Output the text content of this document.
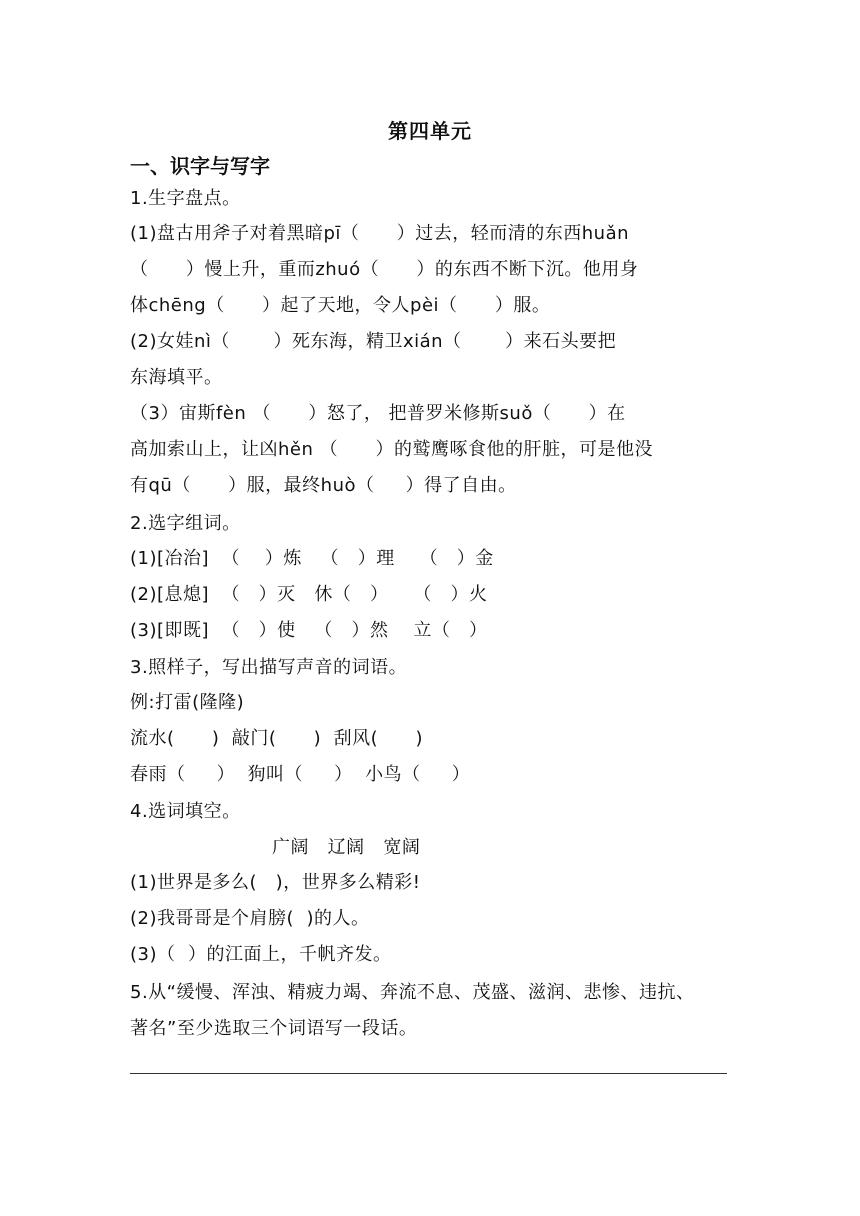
第四单元
一、识字与写字
1.生字盘点。
(1)盘古用斧子对着黑暗pī（      ）过去，轻而清的东西huǎn
（      ）慢上升，重而zhuó（      ）的东西不断下沉。他用身
体chēng（      ）起了天地，令人pèi（      ）服。
(2)女娃nì（       ）死东海，精卫xián（       ）来石头要把
东海填平。
（3）宙斯fèn （      ）怒了， 把普罗米修斯suǒ（      ）在
高加索山上，让凶hěn （      ）的鹫鹰啄食他的肝脏，可是他没
有qū（      ）服，最终huò（     ）得了自由。
2.选字组词。
(1)[冶治]  （    ）炼   （   ）理    （   ）金
(2)[息熄]  （   ）灭   休（   ）    （   ）火
(3)[即既]  （   ）使   （   ）然    立（   ）
3.照样子，写出描写声音的词语。
例:打雷(隆隆)
流水(      )  敲门(      )  刮风(      )
春雨（     ）  狗叫（     ）  小鸟（     ）
4.选词填空。
广阔   辽阔   宽阔
(1)世界是多么(   )，世界多么精彩!
(2)我哥哥是个肩膀(  )的人。
(3)（  ）的江面上，千帆齐发。
5.从“缓慢、浑浊、精疲力竭、奔流不息、茂盛、滋润、悲惨、违抗、
著名”至少选取三个词语写一段话。
